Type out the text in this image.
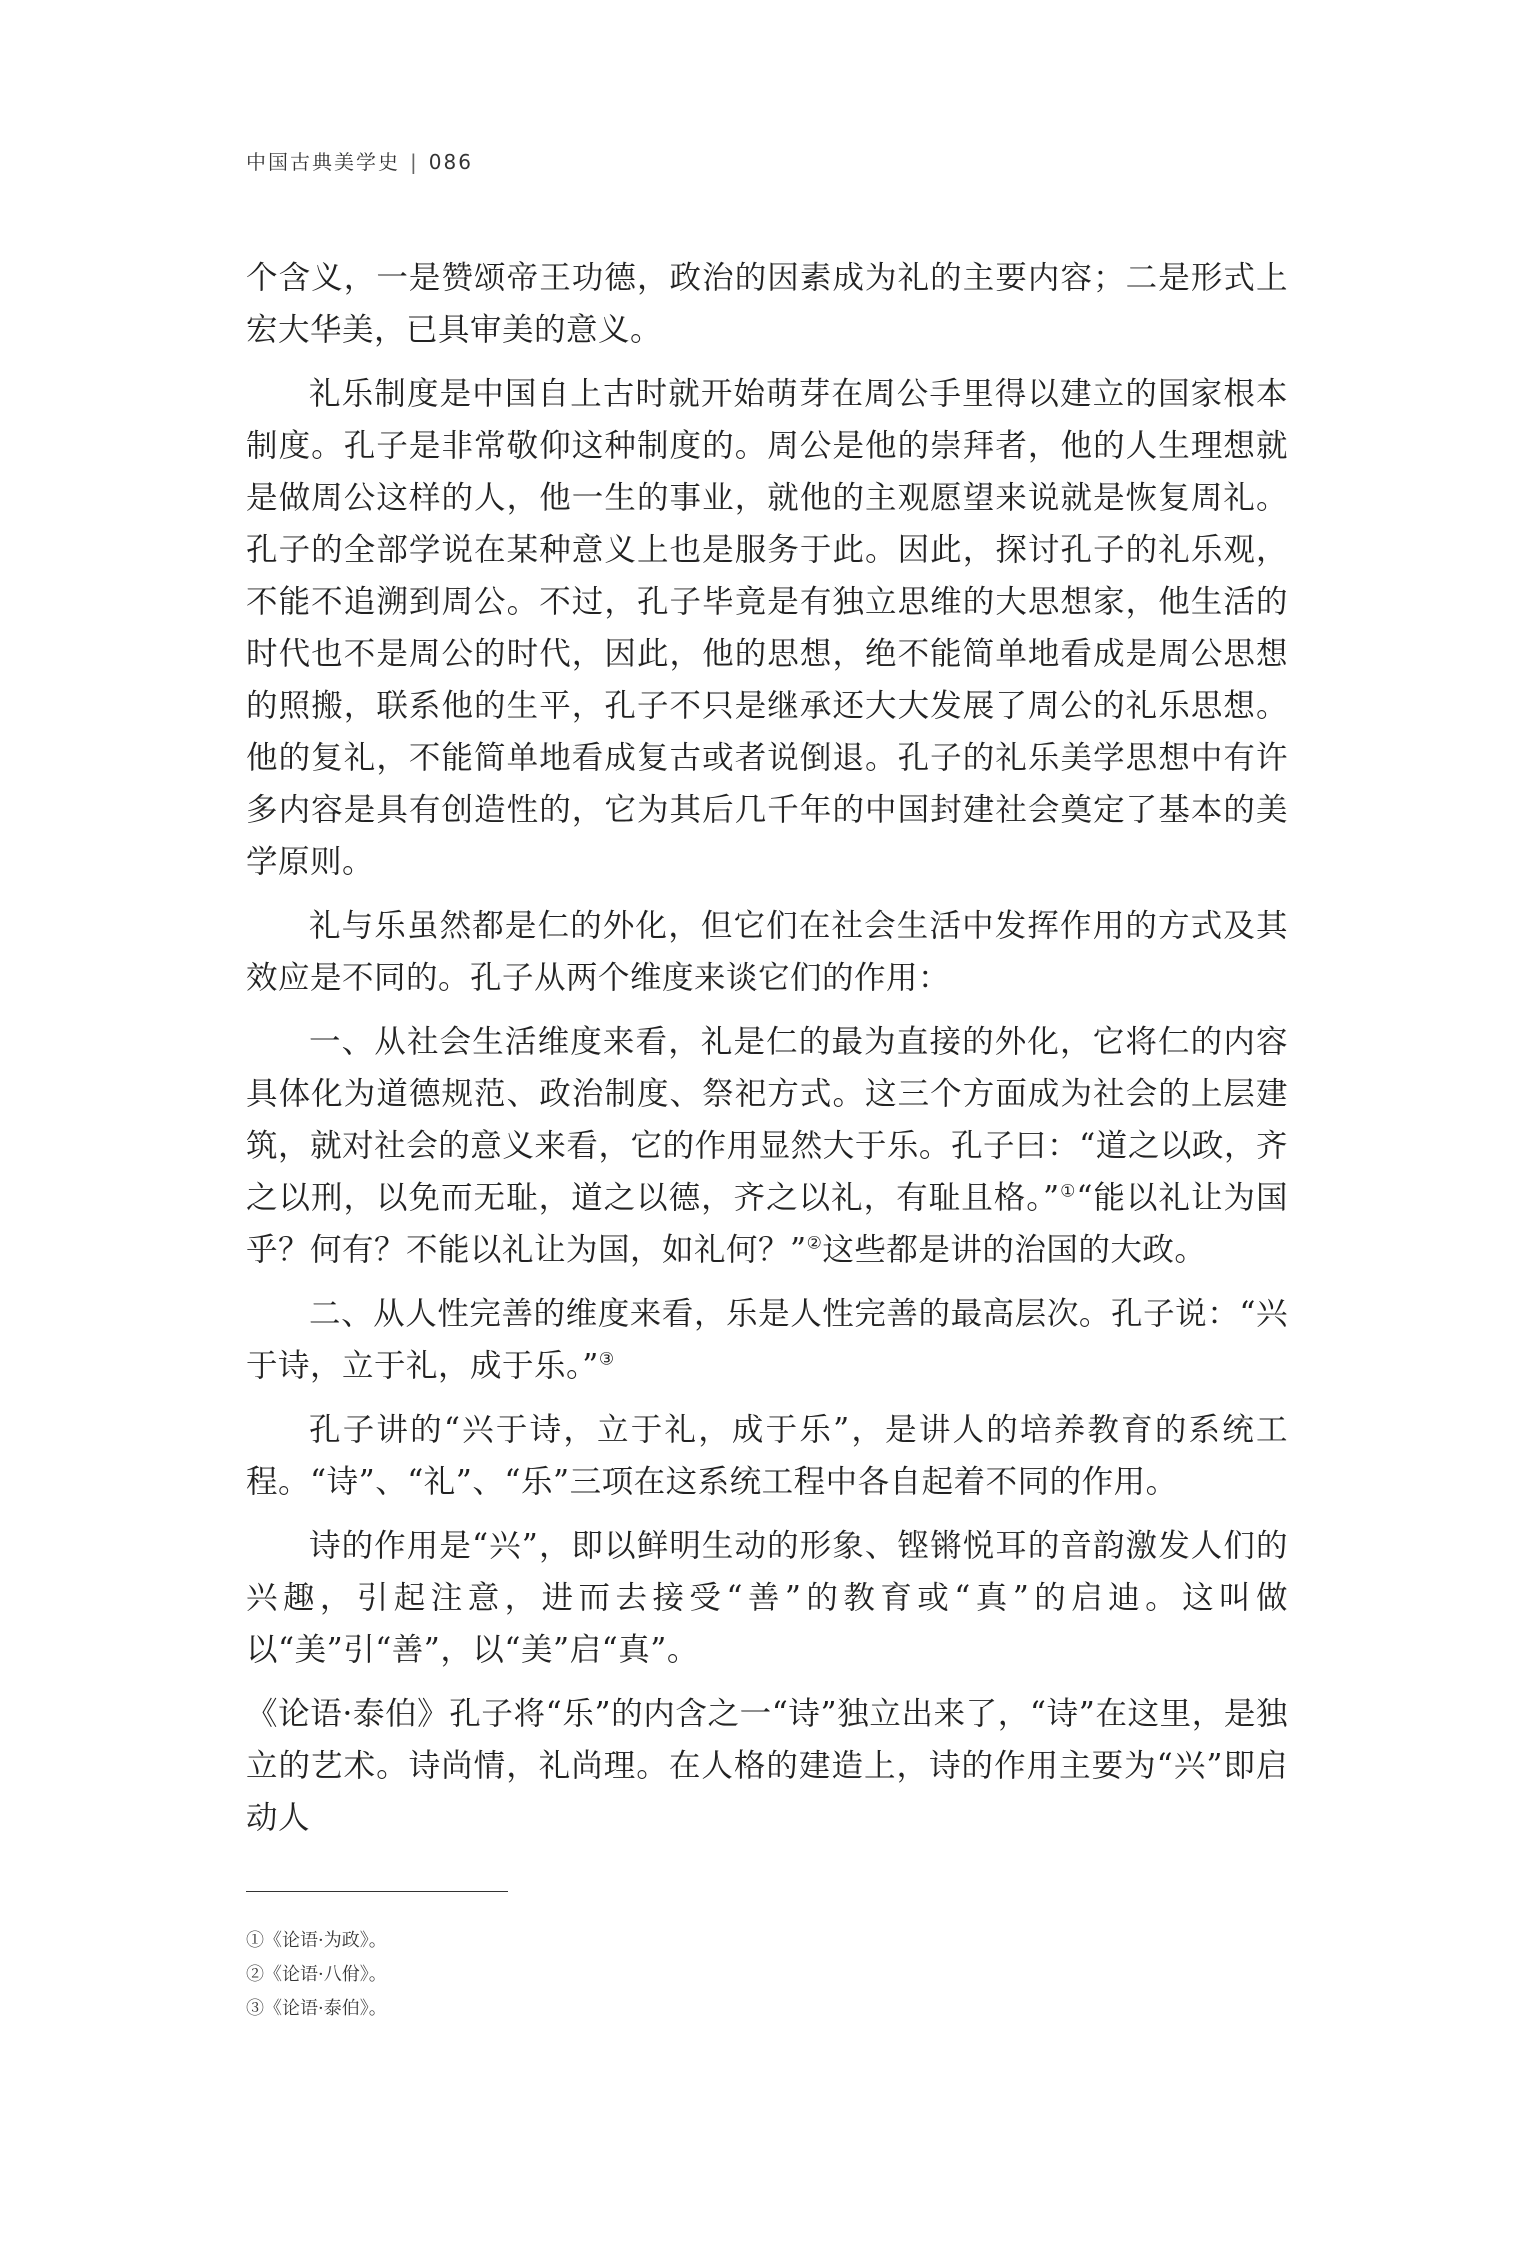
中国古典美学史 | 086

个含义，一是赞颂帝王功德，政治的因素成为礼的主要内容；二是形式上宏大华美，已具审美的意义。

礼乐制度是中国自上古时就开始萌芽在周公手里得以建立的国家根本制度。孔子是非常敬仰这种制度的。周公是他的崇拜者，他的人生理想就是做周公这样的人，他一生的事业，就他的主观愿望来说就是恢复周礼。孔子的全部学说在某种意义上也是服务于此。因此，探讨孔子的礼乐观，不能不追溯到周公。不过，孔子毕竟是有独立思维的大思想家，他生活的时代也不是周公的时代，因此，他的思想，绝不能简单地看成是周公思想的照搬，联系他的生平，孔子不只是继承还大大发展了周公的礼乐思想。他的复礼，不能简单地看成复古或者说倒退。孔子的礼乐美学思想中有许多内容是具有创造性的，它为其后几千年的中国封建社会奠定了基本的美学原则。

礼与乐虽然都是仁的外化，但它们在社会生活中发挥作用的方式及其效应是不同的。孔子从两个维度来谈它们的作用：

一、从社会生活维度来看，礼是仁的最为直接的外化，它将仁的内容具体化为道德规范、政治制度、祭祀方式。这三个方面成为社会的上层建筑，就对社会的意义来看，它的作用显然大于乐。孔子曰：“道之以政，齐之以刑，以免而无耻，道之以德，齐之以礼，有耻且格。”①“能以礼让为国乎？何有？不能以礼让为国，如礼何？”②这些都是讲的治国的大政。

二、从人性完善的维度来看，乐是人性完善的最高层次。孔子说：“兴于诗，立于礼，成于乐。”③

孔子讲的“兴于诗，立于礼，成于乐”，是讲人的培养教育的系统工程。“诗”、“礼”、“乐”三项在这系统工程中各自起着不同的作用。

诗的作用是“兴”，即以鲜明生动的形象、铿锵悦耳的音韵激发人们的兴趣，引起注意，进而去接受“善”的教育或“真”的启迪。这叫做以“美”引“善”，以“美”启“真”。

《论语·泰伯》孔子将“乐”的内含之一“诗”独立出来了，“诗”在这里，是独立的艺术。诗尚情，礼尚理。在人格的建造上，诗的作用主要为“兴”即启动人

①《论语·为政》。
②《论语·八佾》。
③《论语·泰伯》。
